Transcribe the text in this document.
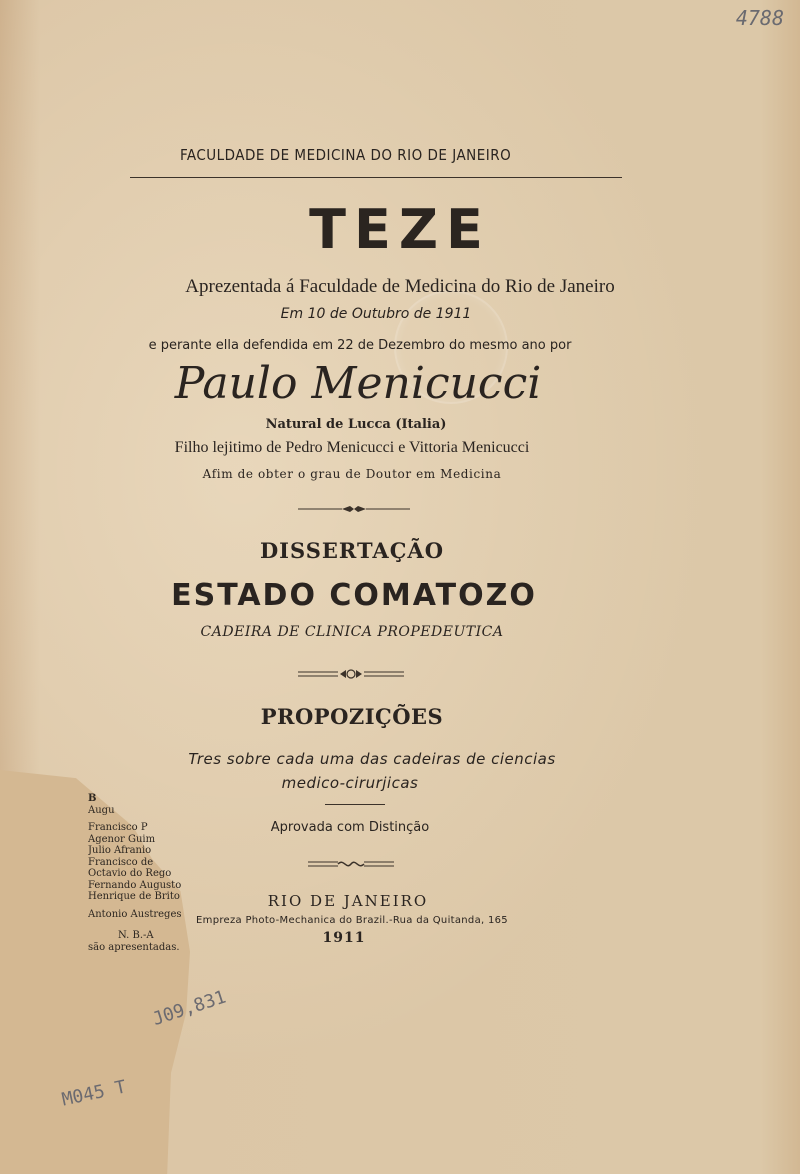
4788
FACULDADE DE MEDICINA DO RIO DE JANEIRO
TEZE
Aprezentada á Faculdade de Medicina do Rio de Janeiro
Em 10 de Outubro de 1911
e perante ella defendida em 22 de Dezembro do mesmo ano por
Paulo Menicucci
Natural de Lucca (Italia)
Filho lejitimo de Pedro Menicucci e Vittoria Menicucci
Afim de obter o grau de Doutor em Medicina
DISSERTAÇÃO
ESTADO COMATOZO
CADEIRA DE CLINICA PROPEDEUTICA
PROPOZIÇÕES
Tres sobre cada uma das cadeiras de ciencias
medico-cirurjicas
Aprovada com Distinção
RIO DE JANEIRO
Empreza Photo-Mechanica do Brazil.-Rua da Quitanda, 165
1911
B
Augu
Francisco P
Agenor Guim
Julio Afranio
Francisco de
Octavio do Rego
Fernando Augusto
Henrique de Brito
Antonio Austreges
N. B.-A
são apresentadas.
J09,831
M045 T
